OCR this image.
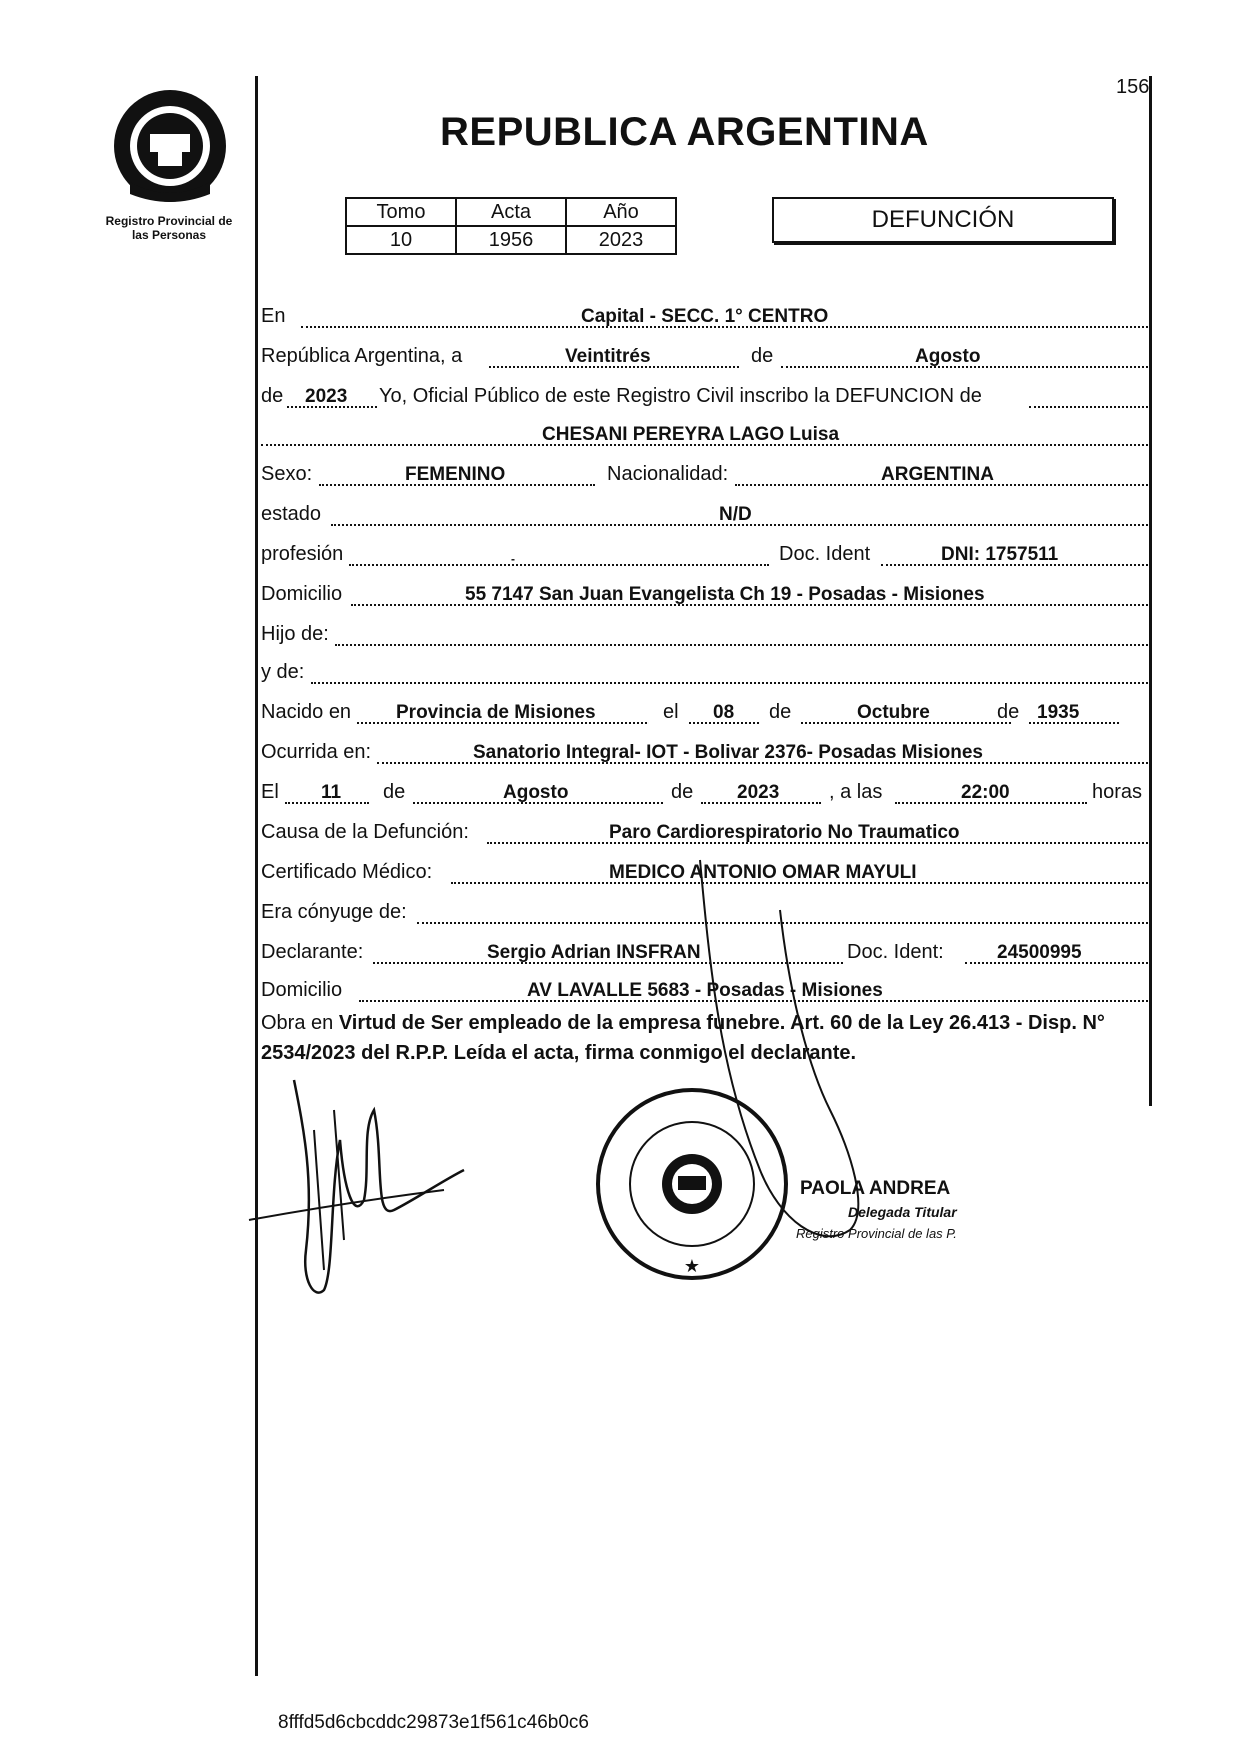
156
Registro Provincial de
las Personas
REPUBLICA ARGENTINA
Tomo	Acta	Año
10	1956	2023
DEFUNCIÓN
En	Capital - SECC. 1° CENTRO
República Argentina, a	Veintitrés	de	Agosto
de 2023 Yo, Oficial Público de este Registro Civil inscribo la DEFUNCION de
CHESANI PEREYRA LAGO Luisa
Sexo:	FEMENINO	Nacionalidad:	ARGENTINA
estado	N/D
profesión	-	Doc. Ident	DNI: 1757511
Domicilio	55 7147 San Juan Evangelista Ch 19 - Posadas - Misiones
Hijo de:
y de:
Nacido en Provincia de Misiones	el 08 de	Octubre	de 1935
Ocurrida en:	Sanatorio Integral- IOT - Bolivar 2376- Posadas Misiones
El 11 de	Agosto	de 2023 , a las	22:00	horas
Causa de la Defunción:	Paro Cardiorespiratorio No Traumatico
Certificado Médico:	MEDICO ANTONIO OMAR MAYULI
Era cónyuge de:
Declarante:	Sergio Adrian INSFRAN	Doc. Ident:	24500995
Domicilio	AV LAVALLE 5683 - Posadas - Misiones
Obra en Virtud de Ser empleado de la empresa funebre. Art. 60 de la Ley 26.413 - Disp. N° 2534/2023 del R.P.P. Leída el acta, firma conmigo el declarante.
★
PAOLA ANDREA
Delegada Titular
Registro Provincial de las P.
8fffd5d6cbcddc29873e1f561c46b0c6
